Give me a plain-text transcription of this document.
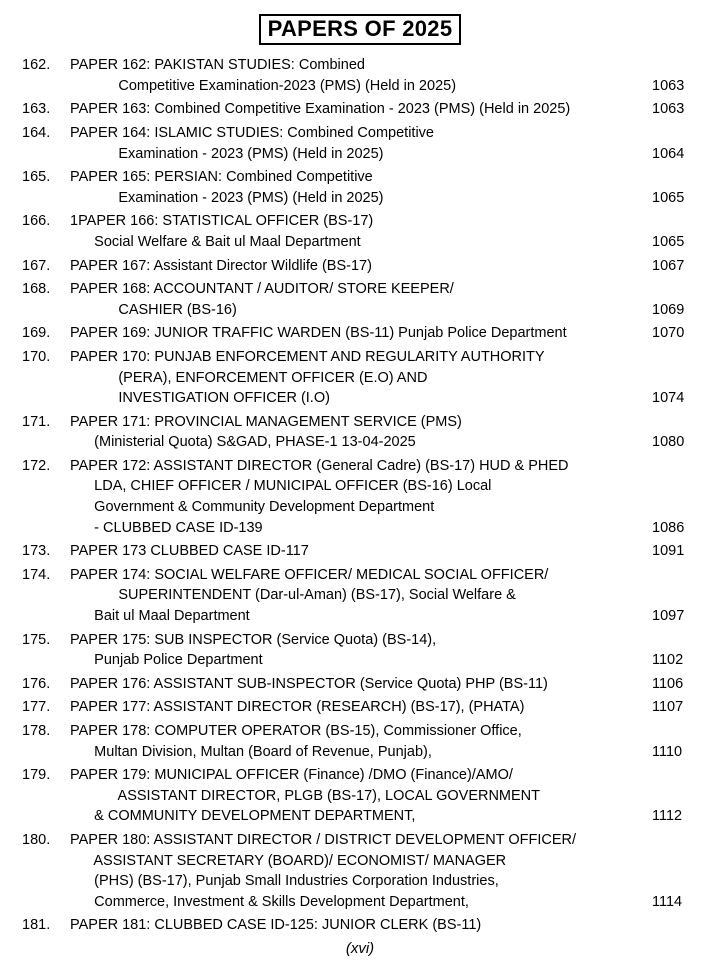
PAPERS OF 2025
162.	PAPER 162: PAKISTAN STUDIES: Combined
Competitive Examination-2023 (PMS) (Held in 2025)	1063

163.	PAPER 163: Combined Competitive Examination - 2023 (PMS) (Held in 2025)	1063

164.	PAPER 164: ISLAMIC STUDIES: Combined Competitive
Examination - 2023 (PMS) (Held in 2025)	1064

165.	PAPER 165: PERSIAN: Combined Competitive
Examination - 2023 (PMS) (Held in 2025)	1065

166.	1PAPER 166: STATISTICAL OFFICER (BS-17)
Social Welfare & Bait ul Maal Department	1065

167.	PAPER 167: Assistant Director Wildlife (BS-17)	1067

168.	PAPER 168: ACCOUNTANT / AUDITOR/ STORE KEEPER/
CASHIER (BS-16)	1069

169.	PAPER 169: JUNIOR TRAFFIC WARDEN (BS-11) Punjab Police Department	1070

170.	PAPER 170: PUNJAB ENFORCEMENT AND REGULARITY AUTHORITY
(PERA), ENFORCEMENT OFFICER (E.O) AND
INVESTIGATION OFFICER (I.O)	1074

171.	PAPER 171: PROVINCIAL MANAGEMENT SERVICE (PMS)
(Ministerial Quota) S&GAD, PHASE-1 13-04-2025	1080

172.	PAPER 172: ASSISTANT DIRECTOR (General Cadre) (BS-17) HUD & PHED
LDA, CHIEF OFFICER / MUNICIPAL OFFICER (BS-16) Local
Government & Community Development Department
- CLUBBED CASE ID-139	1086

173.	PAPER 173 CLUBBED CASE ID-117	1091

174.	PAPER 174: SOCIAL WELFARE OFFICER/ MEDICAL SOCIAL OFFICER/
SUPERINTENDENT (Dar-ul-Aman) (BS-17), Social Welfare &
Bait ul Maal Department	1097

175.	PAPER 175: SUB INSPECTOR (Service Quota) (BS-14),
Punjab Police Department	1102

176.	PAPER 176: ASSISTANT SUB-INSPECTOR (Service Quota) PHP (BS-11)	1106

177.	PAPER 177: ASSISTANT DIRECTOR (RESEARCH) (BS-17), (PHATA)	1107

178.	PAPER 178: COMPUTER OPERATOR (BS-15), Commissioner Office,
Multan Division, Multan (Board of Revenue, Punjab),	1110

179.	PAPER 179: MUNICIPAL OFFICER (Finance) /DMO (Finance)/AMO/
ASSISTANT DIRECTOR, PLGB (BS-17), LOCAL GOVERNMENT
& COMMUNITY DEVELOPMENT DEPARTMENT,	1112

180.	PAPER 180: ASSISTANT DIRECTOR / DISTRICT DEVELOPMENT OFFICER/
ASSISTANT SECRETARY (BOARD)/ ECONOMIST/ MANAGER
(PHS) (BS-17), Punjab Small Industries Corporation Industries,
Commerce, Investment & Skills Development Department,	1114

181.	PAPER 181: CLUBBED CASE ID-125: JUNIOR CLERK (BS-11)	

(xvi)
